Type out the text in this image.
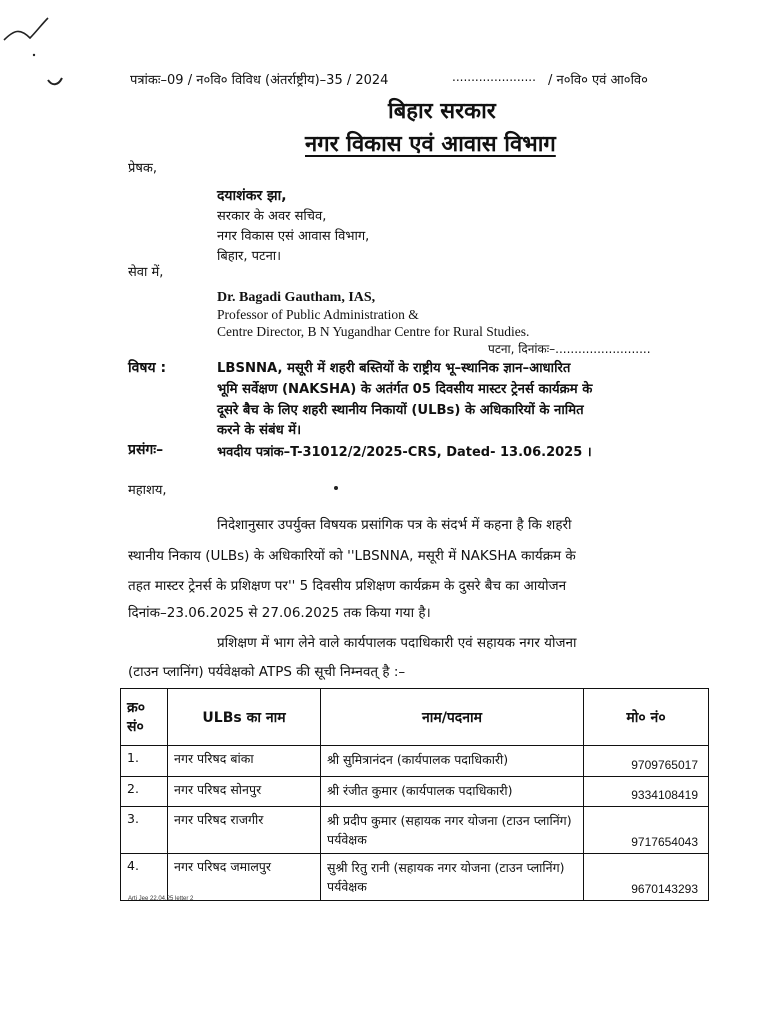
पत्रांकः–09 / न०वि० विविध (अंतर्राष्ट्रीय)–35 / 2024	...................... / न०वि० एवं आ०वि०
बिहार सरकार
नगर विकास एवं आवास विभाग
प्रेषक,
दयाशंकर झा,
सरकार के अवर सचिव,
नगर विकास एसं आवास विभाग,
बिहार, पटना।
सेवा में,
Dr. Bagadi Gautham, IAS,
Professor of Public Administration &
Centre Director, B N Yugandhar Centre for Rural Studies.
पटना, दिनांकः–.........................
विषय :	LBSNNA, मसूरी में शहरी बस्तियों के राष्ट्रीय भू–स्थानिक ज्ञान–आधारित
भूमि सर्वेक्षण (NAKSHA) के अतंर्गत 05 दिवसीय मास्टर ट्रेनर्स कार्यक्रम के
दूसरे बैच के लिए शहरी स्थानीय निकायों (ULBs) के अधिकारियों के नामित
करने के संबंध में।
प्रसंगः–	भवदीय पत्रांक–T-31012/2/2025-CRS, Dated- 13.06.2025 ।
महाशय,
निदेशानुसार उपर्युक्त विषयक प्रसांगिक पत्र के संदर्भ में कहना है कि शहरी
स्थानीय निकाय (ULBs) के अधिकारियों को ''LBSNNA, मसूरी में NAKSHA कार्यक्रम के
तहत मास्टर ट्रेनर्स के प्रशिक्षण पर'' 5 दिवसीय प्रशिक्षण कार्यक्रम के दुसरे बैच का आयोजन
दिनांक–23.06.2025 से 27.06.2025 तक किया गया है।
प्रशिक्षण में भाग लेने वाले कार्यपालक पदाधिकारी एवं सहायक नगर योजना
(टाउन प्लानिंग) पर्यवेक्षको ATPS की सूची निम्नवत् है :–
क्र० सं०	ULBs का नाम	नाम/पदनाम	मो० नं०
1.	नगर परिषद बांका	श्री सुमित्रानंदन (कार्यपालक पदाधिकारी)	9709765017
2.	नगर परिषद सोनपुर	श्री रंजीत कुमार (कार्यपालक पदाधिकारी)	9334108419
3.	नगर परिषद राजगीर	श्री प्रदीप कुमार (सहायक नगर योजना (टाउन प्लानिंग) पर्यवेक्षक	9717654043
4.	नगर परिषद जमालपुर	सुश्री रितु रानी (सहायक नगर योजना (टाउन प्लानिंग) पर्यवेक्षक	9670143293
Arti Jee 22.04.25 letter 2
